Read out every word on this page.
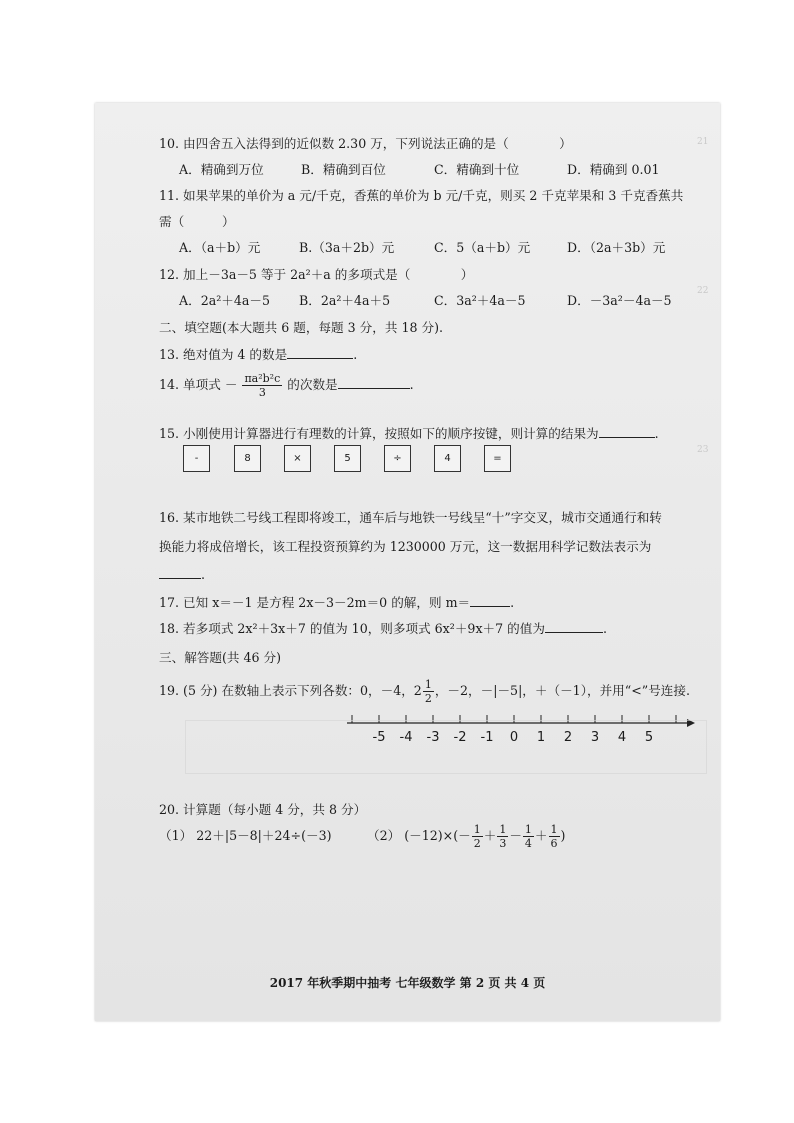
21
22
23
10. 由四舍五入法得到的近似数 2.30 万，下列说法正确的是（　　　　）
A．精确到万位	B．精确到百位	C．精确到十位	D．精确到 0.01
11. 如果苹果的单价为 a 元/千克，香蕉的单价为 b 元/千克，则买 2 千克苹果和 3 千克香蕉共
需（　　　）
A．（a＋b）元	B.（3a＋2b）元	C．5（a＋b）元	D．（2a＋3b）元
12. 加上－3a－5 等于 2a²＋a 的多项式是（　　　　）
A．2a²＋4a－5 B．2a²＋4a＋5	C．3a²＋4a－5	D．－3a²－4a－5
二、填空题(本大题共 6 题，每题 3 分，共 18 分).
13. 绝对值为 4 的数是	.
14. 单项式 － $\frac{\text{πa²b²c}}{3}$ 的次数是	.
15. 小刚使用计算器进行有理数的计算，按照如下的顺序按键，则计算的结果为	.
-	8	×	5	÷	4	=
16. 某市地铁二号线工程即将竣工，通车后与地铁一号线呈“十”字交叉，城市交通通行和转
换能力将成倍增长，该工程投资预算约为 1230000 万元，这一数据用科学记数法表示为
.
17. 已知 x＝－1 是方程 2x－3－2m＝0 的解，则 m＝	.
18. 若多项式 2x²＋3x＋7 的值为 10，则多项式 6x²＋9x＋7 的值为	.
三、解答题(共 46 分)
19. (5 分) 在数轴上表示下列各数：0，－4，$2 \frac{1}{2}$ ，－2，－|－5|，＋（－1），并用“<”号连接.
-5	-4	-3	-2	-1	0	1	2	3	4	5
20. 计算题（每小题 4 分，共 8 分）
（1） 22＋|5－8|＋24÷(－3)	（2） $(-12)\times(- \frac{1}{2} + \frac{1}{3} - \frac{1}{4} + \frac{1}{6}$ )
2017 年秋季期中抽考 七年级数学 第 2 页 共 4 页
